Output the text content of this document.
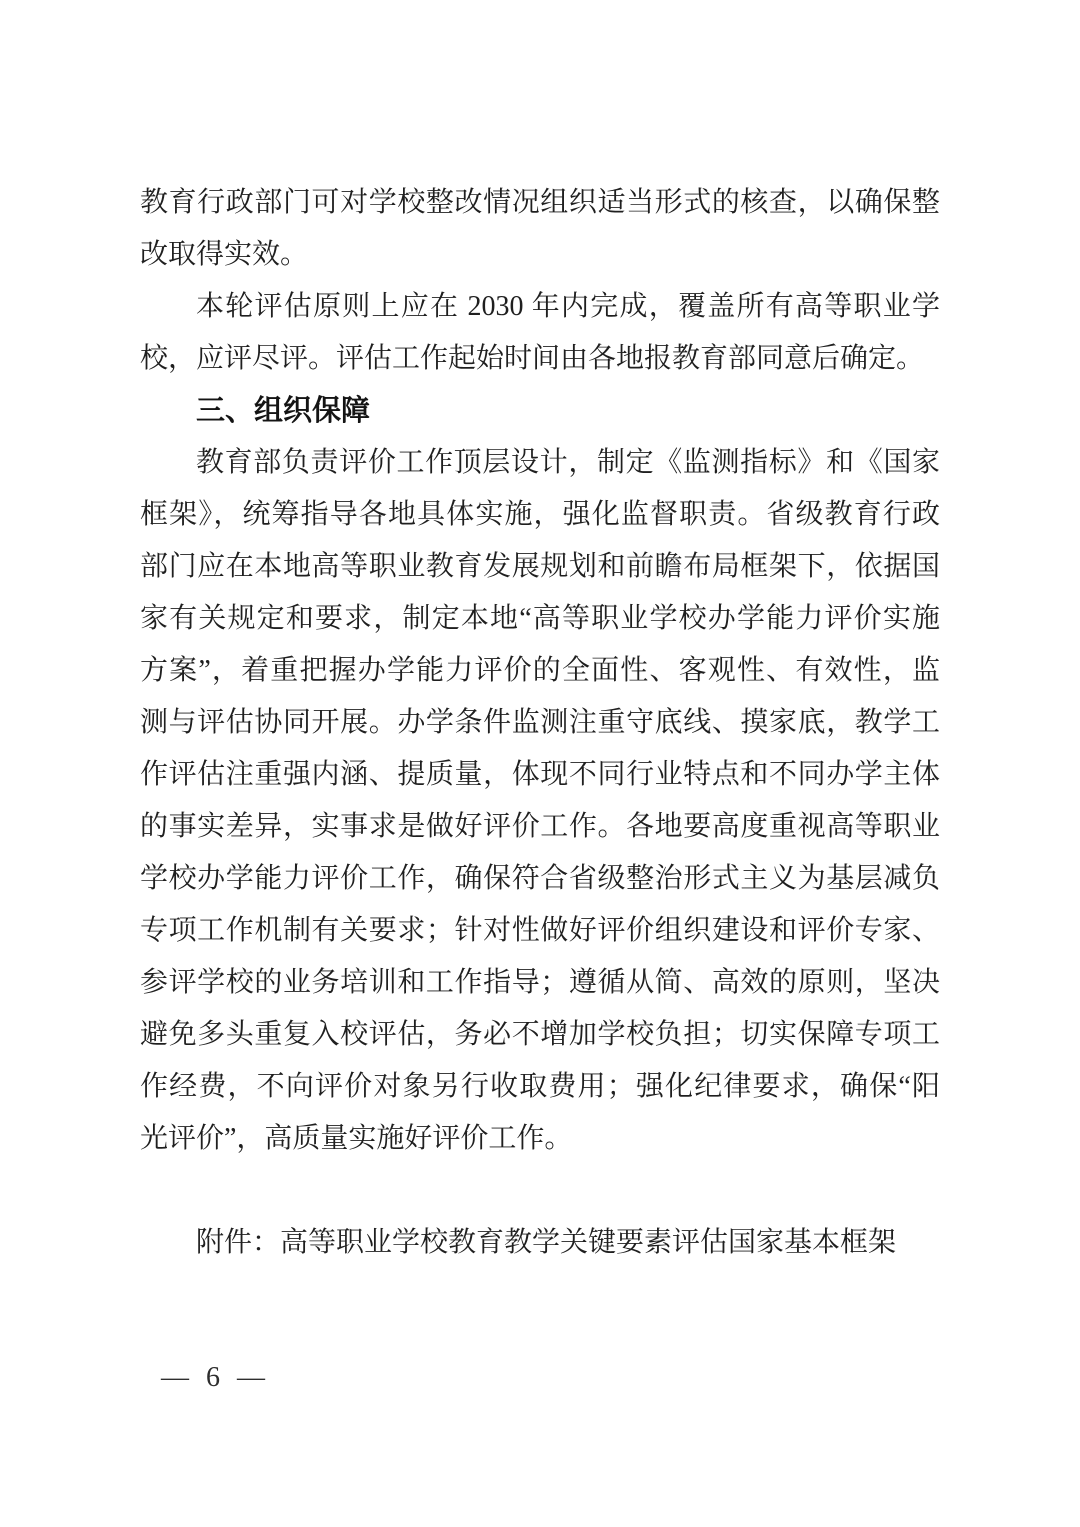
教育行政部门可对学校整改情况组织适当形式的核查，以确保整
改取得实效。
本轮评估原则上应在 2030 年内完成，覆盖所有高等职业学
校，应评尽评。评估工作起始时间由各地报教育部同意后确定。
三、组织保障
教育部负责评价工作顶层设计，制定《监测指标》和《国家
框架》，统筹指导各地具体实施，强化监督职责。省级教育行政
部门应在本地高等职业教育发展规划和前瞻布局框架下，依据国
家有关规定和要求，制定本地“高等职业学校办学能力评价实施
方案”，着重把握办学能力评价的全面性、客观性、有效性，监
测与评估协同开展。办学条件监测注重守底线、摸家底，教学工
作评估注重强内涵、提质量，体现不同行业特点和不同办学主体
的事实差异，实事求是做好评价工作。各地要高度重视高等职业
学校办学能力评价工作，确保符合省级整治形式主义为基层减负
专项工作机制有关要求；针对性做好评价组织建设和评价专家、
参评学校的业务培训和工作指导；遵循从简、高效的原则，坚决
避免多头重复入校评估，务必不增加学校负担；切实保障专项工
作经费，不向评价对象另行收取费用；强化纪律要求，确保“阳
光评价”，高质量实施好评价工作。
附件：高等职业学校教育教学关键要素评估国家基本框架
— 6 —
